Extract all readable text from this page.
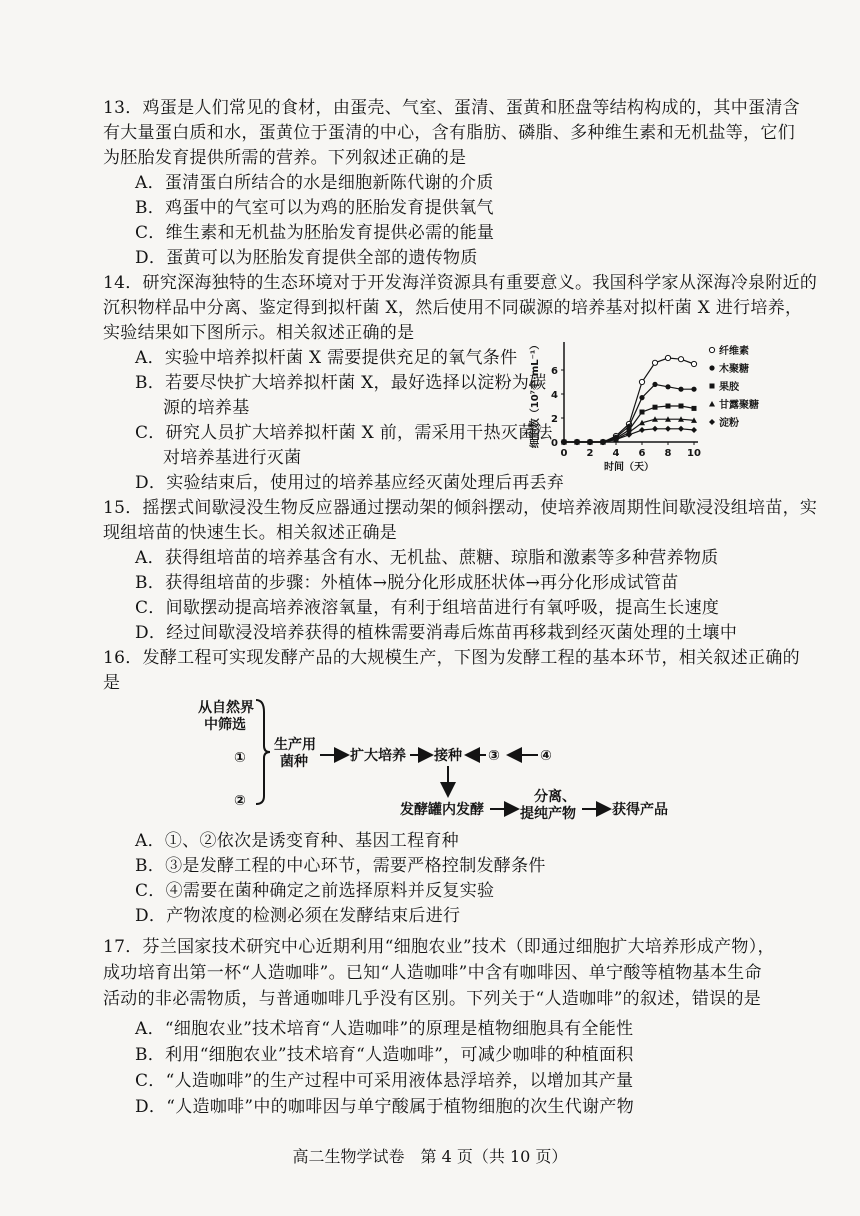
13．鸡蛋是人们常见的食材，由蛋壳、气室、蛋清、蛋黄和胚盘等结构构成的，其中蛋清含
有大量蛋白质和水，蛋黄位于蛋清的中心，含有脂肪、磷脂、多种维生素和无机盐等，它们
为胚胎发育提供所需的营养。下列叙述正确的是
A．蛋清蛋白所结合的水是细胞新陈代谢的介质
B．鸡蛋中的气室可以为鸡的胚胎发育提供氧气
C．维生素和无机盐为胚胎发育提供必需的能量
D．蛋黄可以为胚胎发育提供全部的遗传物质
14．研究深海独特的生态环境对于开发海洋资源具有重要意义。我国科学家从深海冷泉附近的
沉积物样品中分离、鉴定得到拟杆菌 X，然后使用不同碳源的培养基对拟杆菌 X 进行培养，
实验结果如下图所示。相关叙述正确的是
A．实验中培养拟杆菌 X 需要提供充足的氧气条件
B．若要尽快扩大培养拟杆菌 X，最好选择以淀粉为碳
源的培养基
C．研究人员扩大培养拟杆菌 X 前，需采用干热灭菌法
对培养基进行灭菌
D．实验结束后，使用过的培养基应经灭菌处理后再丢弃
0 2 4 6 8 10
0
2
4
6
时间（天）
细胞数（10⁷个·mL⁻¹）	纤维素
木聚糖
果胶
甘露聚糖
淀粉
15．摇摆式间歇浸没生物反应器通过摆动架的倾斜摆动，使培养液周期性间歇浸没组培苗，实
现组培苗的快速生长。相关叙述正确是
A．获得组培苗的培养基含有水、无机盐、蔗糖、琼脂和激素等多种营养物质
B．获得组培苗的步骤：外植体→脱分化形成胚状体→再分化形成试管苗
C．间歇摆动提高培养液溶氧量，有利于组培苗进行有氧呼吸，提高生长速度
D．经过间歇浸没培养获得的植株需要消毒后炼苗再移栽到经灭菌处理的土壤中
16．发酵工程可实现发酵产品的大规模生产，下图为发酵工程的基本环节，相关叙述正确的
是
从自然界
中筛选
①
②
生产用
菌种	扩大培养 接种 ③	④
发酵罐内发酵
分离、
提纯产物	获得产品
A．①、②依次是诱变育种、基因工程育种
B．③是发酵工程的中心环节，需要严格控制发酵条件
C．④需要在菌种确定之前选择原料并反复实验
D．产物浓度的检测必须在发酵结束后进行
17．芬兰国家技术研究中心近期利用“细胞农业”技术（即通过细胞扩大培养形成产物），
成功培育出第一杯“人造咖啡”。已知“人造咖啡”中含有咖啡因、单宁酸等植物基本生命
活动的非必需物质，与普通咖啡几乎没有区别。下列关于“人造咖啡”的叙述，错误的是
A．“细胞农业”技术培育“人造咖啡”的原理是植物细胞具有全能性
B．利用“细胞农业”技术培育“人造咖啡”，可减少咖啡的种植面积
C．“人造咖啡”的生产过程中可采用液体悬浮培养，以增加其产量
D．“人造咖啡”中的咖啡因与单宁酸属于植物细胞的次生代谢产物
高二生物学试卷　第 4 页（共 10 页）
